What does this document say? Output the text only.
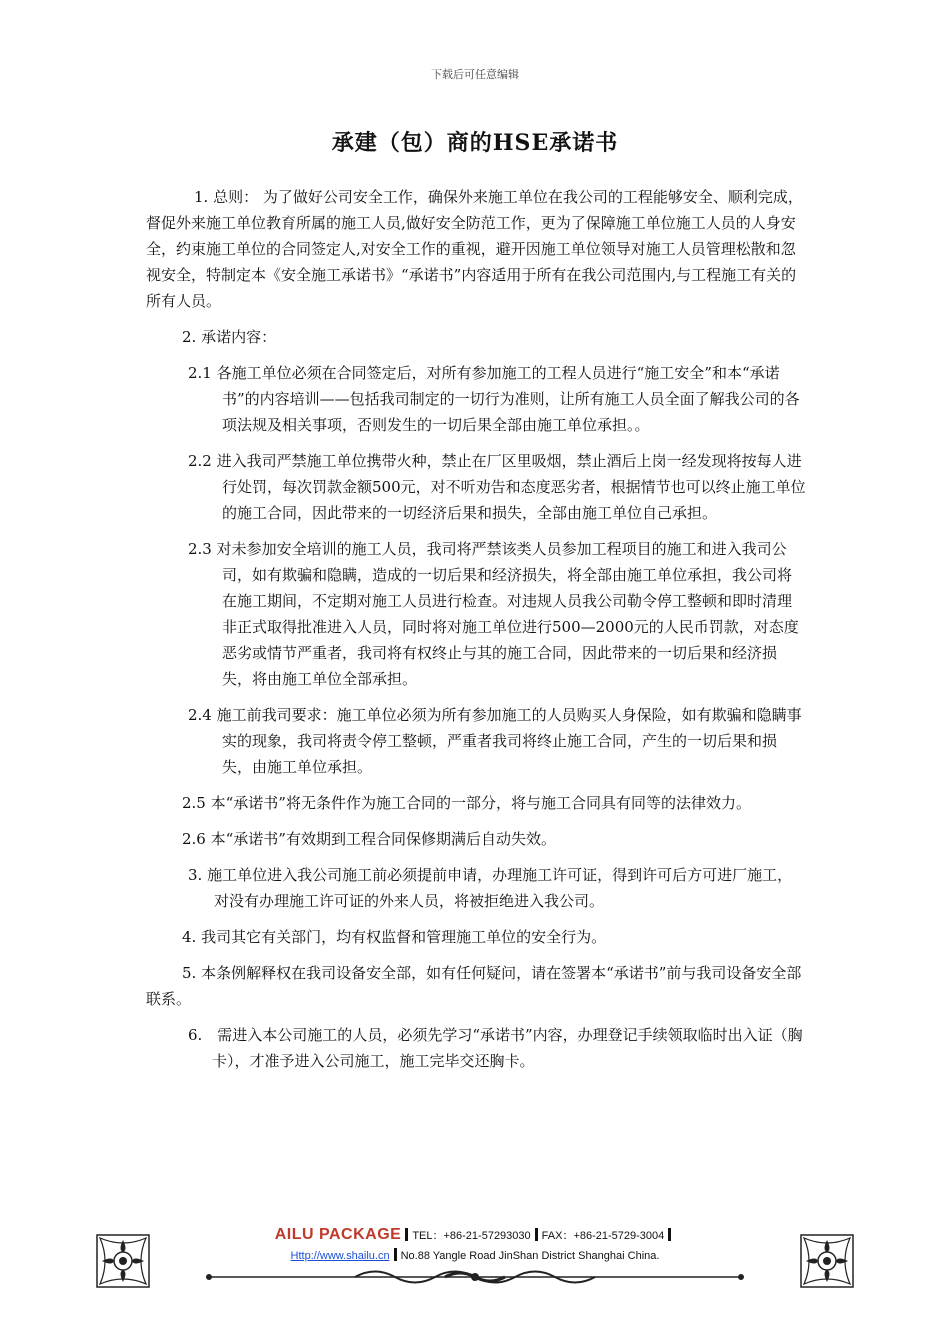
下载后可任意编辑
承建（包）商的HSE承诺书

1. 总则： 为了做好公司安全工作，确保外来施工单位在我公司的工程能够安全、顺利完成，督促外来施工单位教育所属的施工人员,做好安全防范工作，更为了保障施工单位施工人员的人身安全，约束施工单位的合同签定人,对安全工作的重视，避开因施工单位领导对施工人员管理松散和忽视安全，特制定本《安全施工承诺书》“承诺书”内容适用于所有在我公司范围内,与工程施工有关的所有人员。

2. 承诺内容：

2.1 各施工单位必须在合同签定后，对所有参加施工的工程人员进行“施工安全”和本“承诺书”的内容培训——包括我司制定的一切行为准则，让所有施工人员全面了解我公司的各项法规及相关事项，否则发生的一切后果全部由施工单位承担。。

2.2 进入我司严禁施工单位携带火种，禁止在厂区里吸烟，禁止酒后上岗一经发现将按每人进行处罚，每次罚款金额500元，对不听劝告和态度恶劣者，根据情节也可以终止施工单位的施工合同，因此带来的一切经济后果和损失，全部由施工单位自己承担。

2.3 对未参加安全培训的施工人员，我司将严禁该类人员参加工程项目的施工和进入我司公司，如有欺骗和隐瞒，造成的一切后果和经济损失，将全部由施工单位承担，我公司将在施工期间，不定期对施工人员进行检查。对违规人员我公司勒令停工整顿和即时清理非正式取得批准进入人员，同时将对施工单位进行500—2000元的人民币罚款，对态度恶劣或情节严重者，我司将有权终止与其的施工合同，因此带来的一切后果和经济损失，将由施工单位全部承担。

2.4 施工前我司要求：施工单位必须为所有参加施工的人员购买人身保险，如有欺骗和隐瞒事实的现象，我司将责令停工整顿，严重者我司将终止施工合同，产生的一切后果和损失，由施工单位承担。

2.5 本“承诺书”将无条件作为施工合同的一部分，将与施工合同具有同等的法律效力。

2.6 本“承诺书”有效期到工程合同保修期满后自动失效。

3. 施工单位进入我公司施工前必须提前申请，办理施工许可证，得到许可后方可进厂施工，对没有办理施工许可证的外来人员，将被拒绝进入我公司。

4. 我司其它有关部门，均有权监督和管理施工单位的安全行为。

5. 本条例解释权在我司设备安全部，如有任何疑问，请在签署本“承诺书”前与我司设备安全部联系。

6.　需进入本公司施工的人员，必须先学习“承诺书”内容，办理登记手续领取临时出入证（胸卡），才准予进入公司施工，施工完毕交还胸卡。

AILU PACKAGE TEL：+86-21-57293030 FAX：+86-21-5729-3004
Http://www.shailu.cn No.88 Yangle Road JinShan District Shanghai China.
